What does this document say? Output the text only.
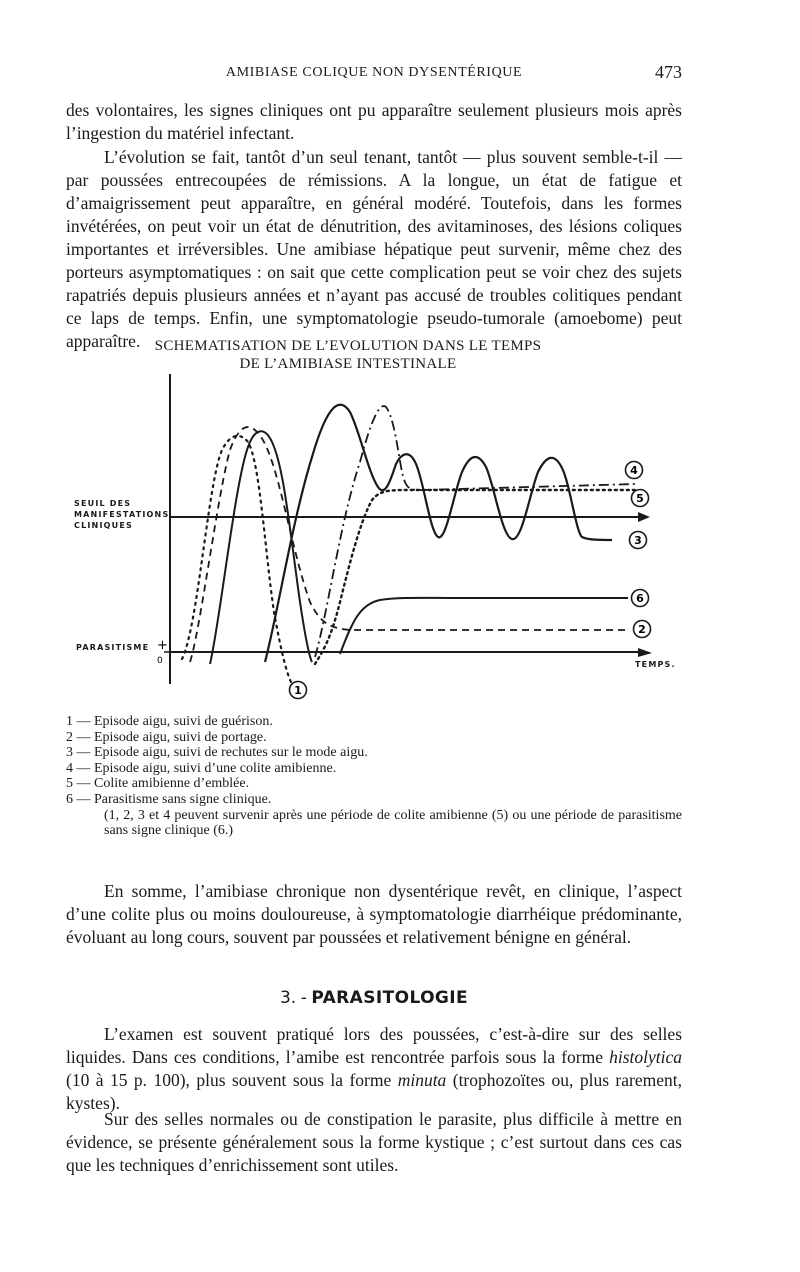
AMIBIASE COLIQUE NON DYSENTÉRIQUE	473

des volontaires, les signes cliniques ont pu apparaître seulement plusieurs mois après l’ingestion du matériel infectant.

L’évolution se fait, tantôt d’un seul tenant, tantôt — plus souvent semble-t-il — par poussées entrecoupées de rémissions. A la longue, un état de fatigue et d’amaigrissement peut apparaître, en général modéré. Toutefois, dans les formes invétérées, on peut voir un état de dénutrition, des avitaminoses, des lésions coliques importantes et irréversibles. Une amibiase hépatique peut survenir, même chez des porteurs asymptomatiques : on sait que cette complication peut se voir chez des sujets rapatriés depuis plusieurs années et n’ayant pas accusé de troubles colitiques pendant ce laps de temps. Enfin, une symptomatologie pseudo-tumorale (amoebome) peut apparaître. SCHEMATISATION DE L’EVOLUTION DANS LE TEMPS
DE L’AMIBIASE INTESTINALE
SEUIL DES
MANIFESTATIONS
CLINIQUES
PARASITISME +
0	TEMPS.
4
5
3
6
2
1
1 — Episode aigu, suivi de guérison.
2 — Episode aigu, suivi de portage.
3 — Episode aigu, suivi de rechutes sur le mode aigu.
4 — Episode aigu, suivi d’une colite amibienne.
5 — Colite amibienne d’emblée.
6 — Parasitisme sans signe clinique.
(1, 2, 3 et 4 peuvent survenir après une période de colite amibienne (5) ou une période de parasitisme sans signe clinique (6.)

En somme, l’amibiase chronique non dysentérique revêt, en clinique, l’aspect d’une colite plus ou moins douloureuse, à symptomatologie diarrhéique prédominante, évoluant au long cours, souvent par poussées et relativement bénigne en général.

3. - PARASITOLOGIE

L’examen est souvent pratiqué lors des poussées, c’est-à-dire sur des selles liquides. Dans ces conditions, l’amibe est rencontrée parfois sous la forme histolytica (10 à 15 p. 100), plus souvent sous la forme minuta (trophozoïtes ou, plus rarement, kystes).

Sur des selles normales ou de constipation le parasite, plus difficile à mettre en évidence, se présente généralement sous la forme kystique ; c’est surtout dans ces cas que les techniques d’enrichissement sont utiles.
